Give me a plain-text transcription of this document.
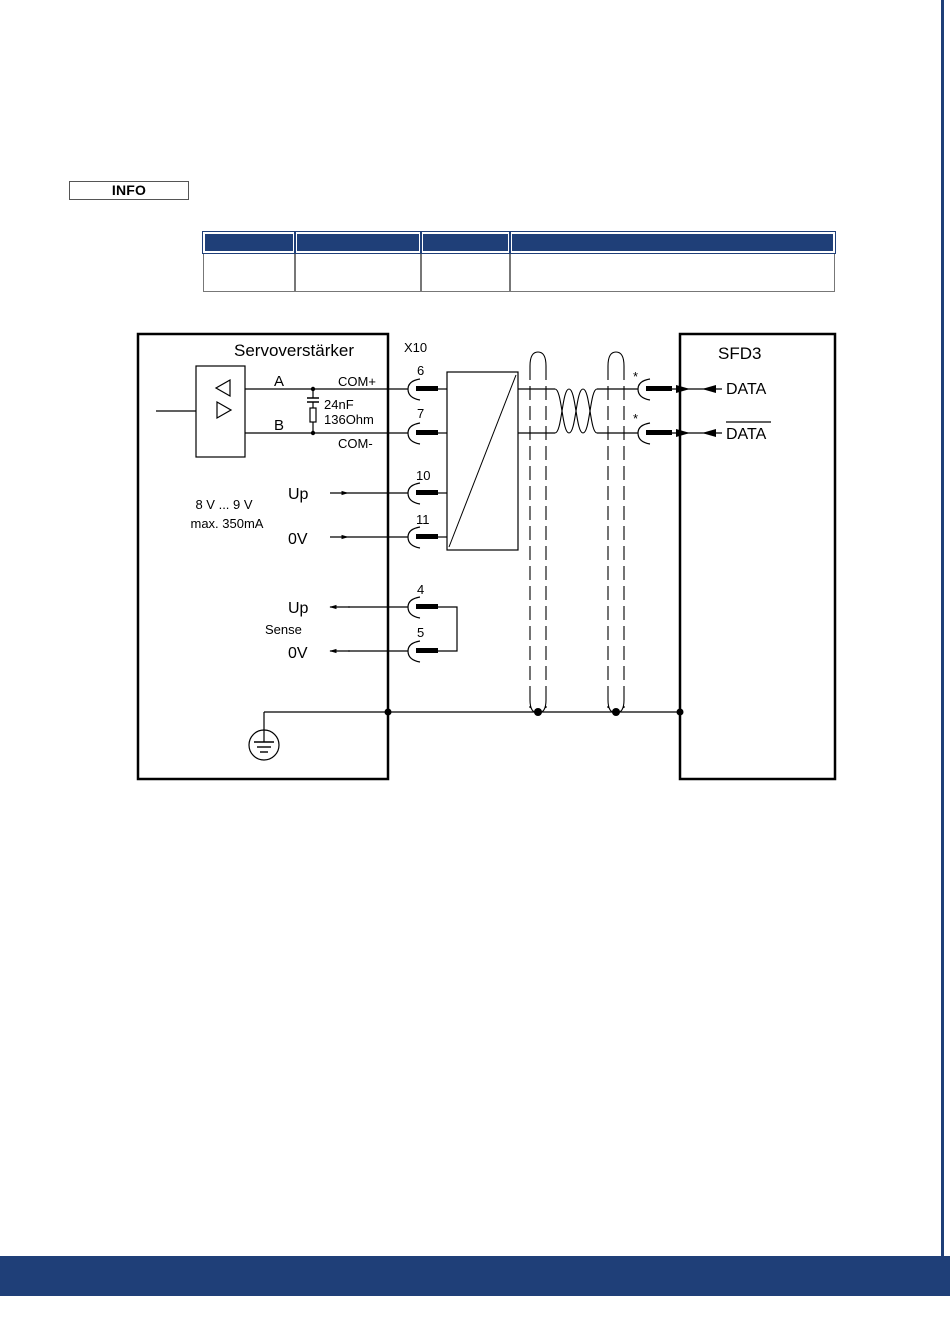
INFO

Servoverstärker	SFD3
X10
A
B
COM+
COM-
24nF
136Ohm
6
7
10
11
4
5
8 V ... 9 V
max. 350mA
Up
0V
Up
Sense
0V
*
*
DATA
DATA
